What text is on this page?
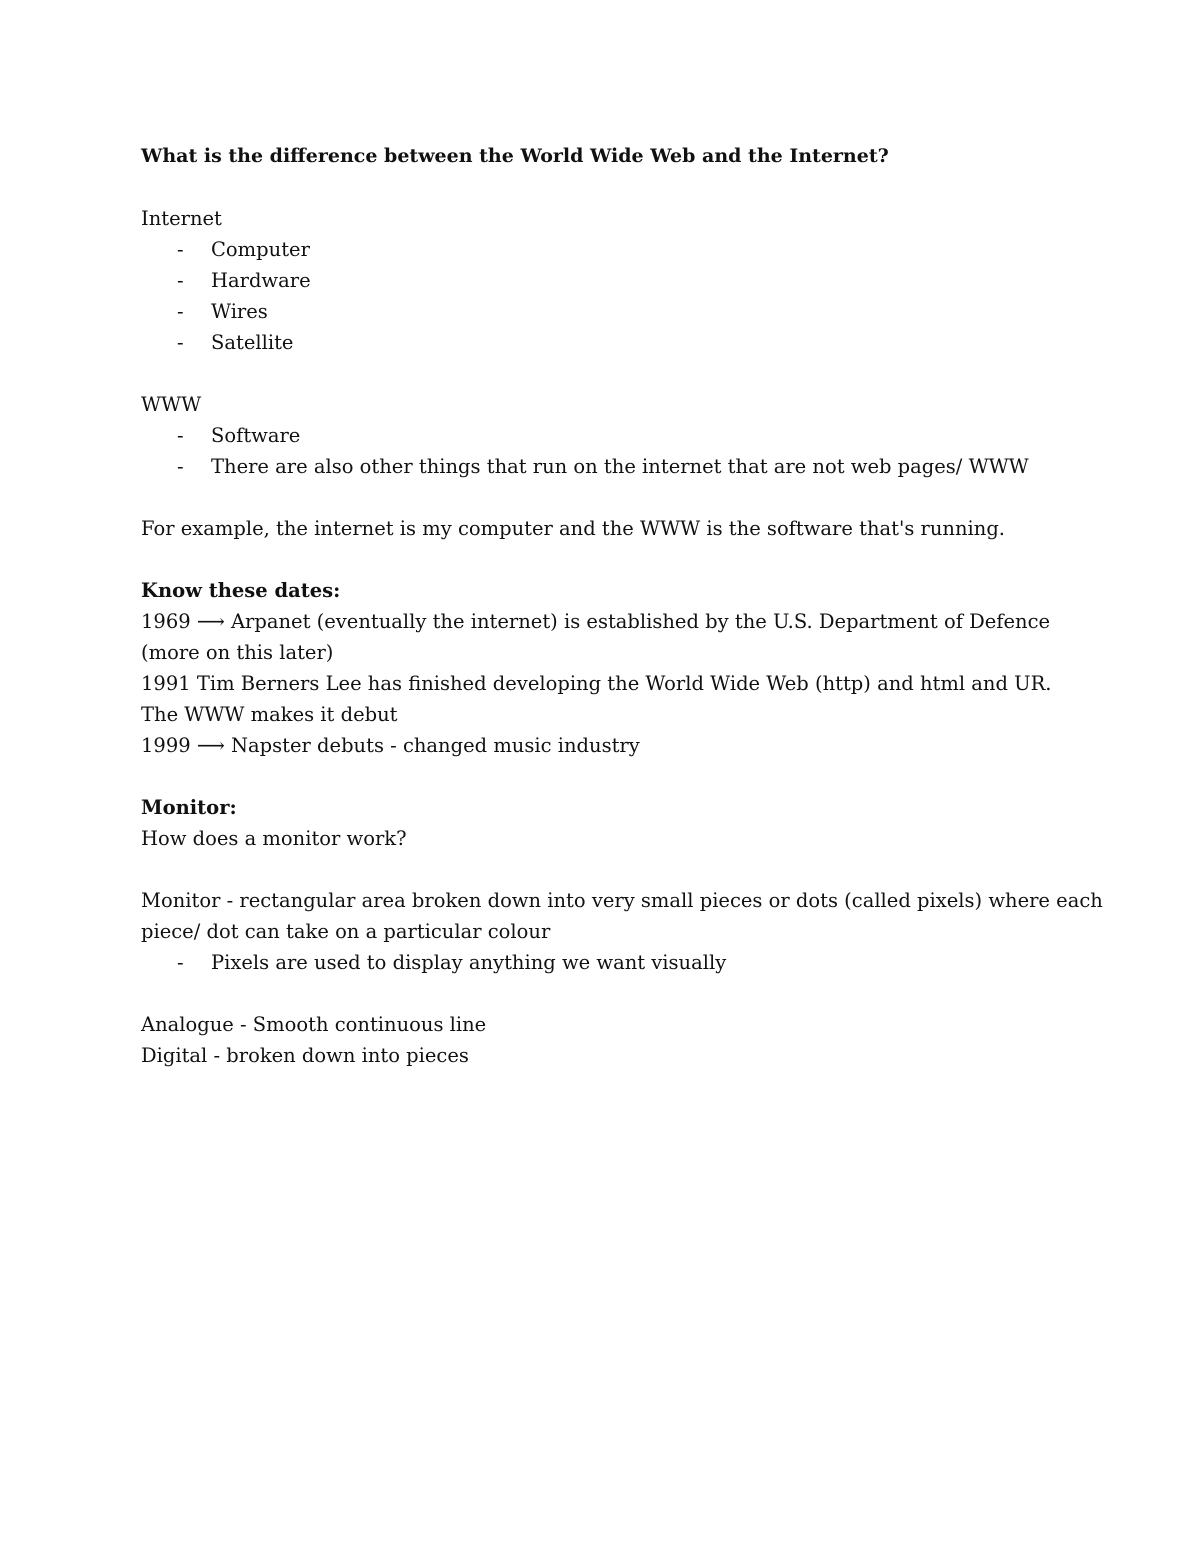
What is the difference between the World Wide Web and the Internet?
Internet
- Computer
- Hardware
- Wires
- Satellite
WWW
- Software
- There are also other things that run on the internet that are not web pages/ WWW
For example, the internet is my computer and the WWW is the software that's running.
Know these dates:
1969 ⟶ Arpanet (eventually the internet) is established by the U.S. Department of Defence
(more on this later)
1991 Tim Berners Lee has finished developing the World Wide Web (http) and html and UR.
The WWW makes it debut
1999 ⟶ Napster debuts - changed music industry
Monitor:
How does a monitor work?
Monitor - rectangular area broken down into very small pieces or dots (called pixels) where each
piece/ dot can take on a particular colour
- Pixels are used to display anything we want visually
Analogue - Smooth continuous line
Digital - broken down into pieces
